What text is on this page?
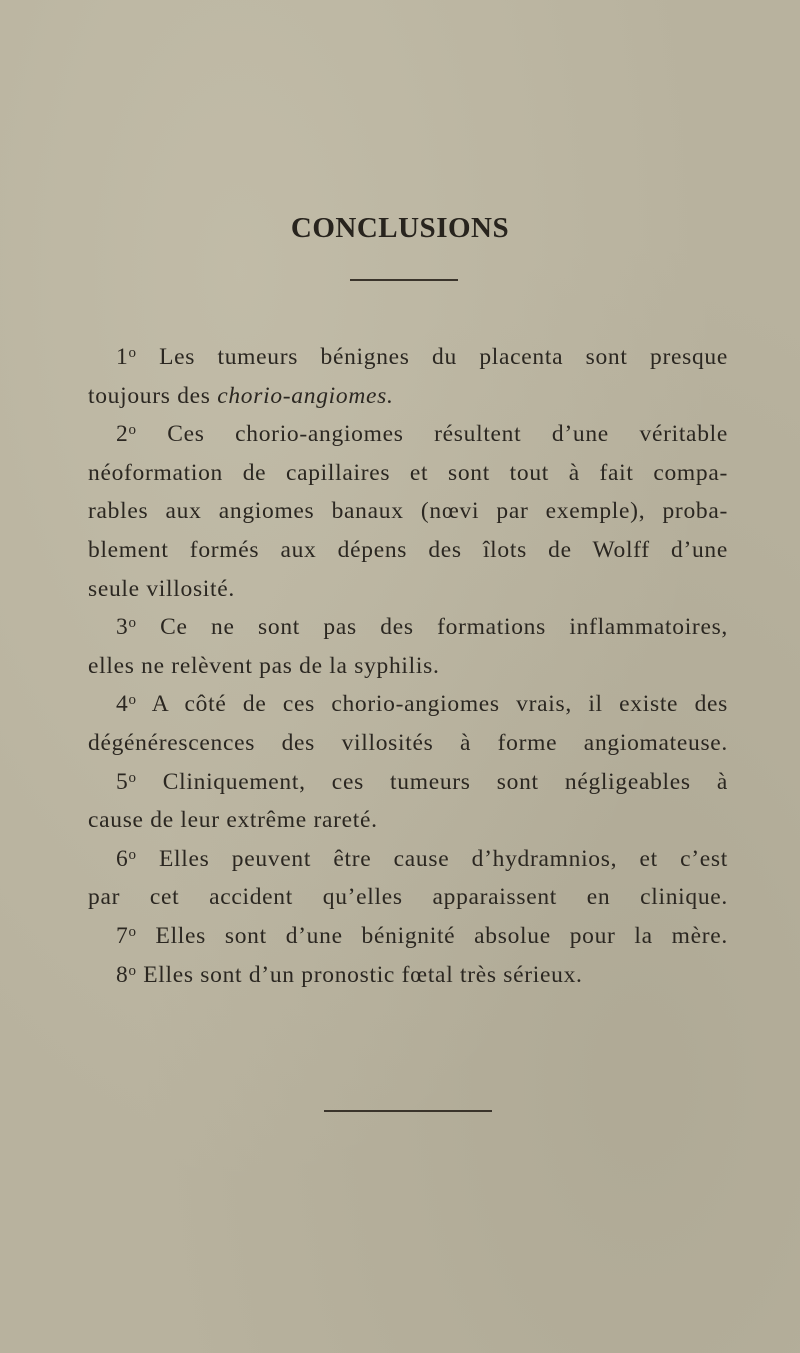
CONCLUSIONS
1$^o$ Les tumeurs bénignes du placenta sont presque
toujours des chorio-angiomes.
2$^o$ Ces chorio-angiomes résultent d’une véritable
néoformation de capillaires et sont tout à fait compa-
rables aux angiomes banaux (nœvi par exemple), proba-
blement formés aux dépens des îlots de Wolff d’une
seule villosité.
3$^o$ Ce ne sont pas des formations inflammatoires,
elles ne relèvent pas de la syphilis.
4$^o$ A côté de ces chorio-angiomes vrais, il existe des
dégénérescences des villosités à forme angiomateuse.
5$^o$ Cliniquement, ces tumeurs sont négligeables à
cause de leur extrême rareté.
6$^o$ Elles peuvent être cause d’hydramnios, et c’est
par cet accident qu’elles apparaissent en clinique.
7$^o$ Elles sont d’une bénignité absolue pour la mère.
8$^o$ Elles sont d’un pronostic fœtal très sérieux.
